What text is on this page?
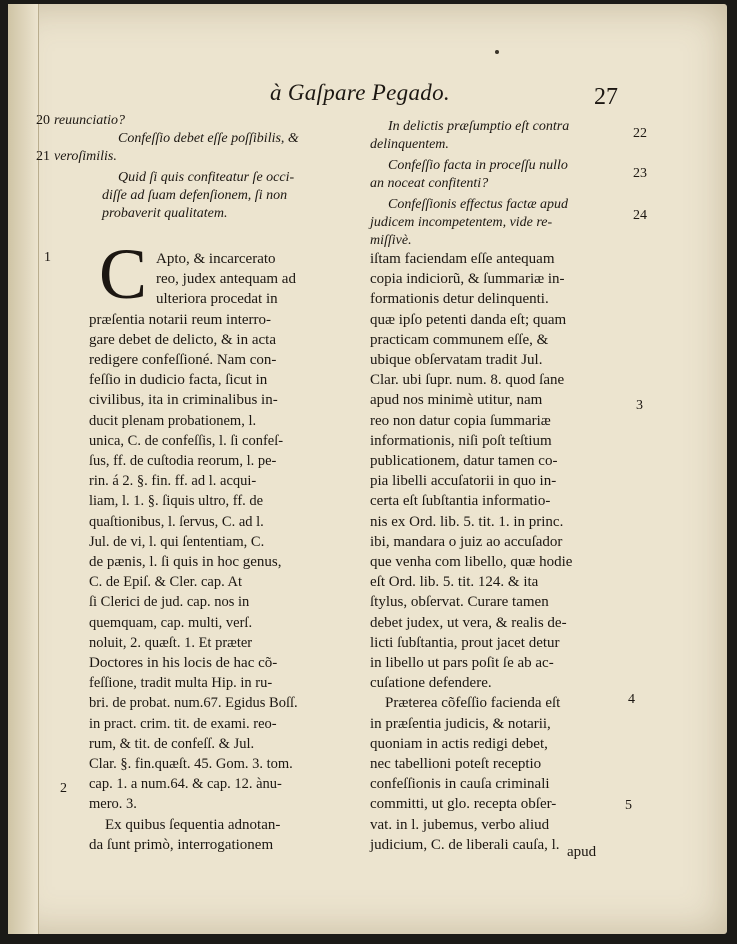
à Gaſpare Pegado.	27
20 reuunciatio?
Confeſſio debet eſſe poſſibilis, &
21 veroſimilis.
Quid ſi quis confiteatur ſe occi-
diſſe ad ſuam defenſionem, ſi non
probaverit qualitatem.
In delictis præſumptio eſt contra
delinquentem.
Confeſſio facta in proceſſu nullo
an noceat confitenti?
Confeſſionis effectus factæ apud
judicem incompetentem, vide re-
miſſivè.
22
23
24
1
2
3
4
5
C Apto, & incarcerato
reo, judex antequam ad
ulteriora procedat in
præſentia notarii reum interro-
gare debet de delicto, & in acta
redigere confeſſioné. Nam con-
feſſio in dudicio facta, ſicut in
civilibus, ita in criminalibus in-
ducit plenam probationem, l.
unica, C. de confeſſis, l. ſi confeſ-
ſus, ff. de cuſtodia reorum, l. pe-
rin. á 2. §. fin. ff. ad l. acqui-
liam, l. 1. §. ſiquis ultro, ff. de
quaſtionibus, l. ſervus, C. ad l.
Jul. de vi, l. qui ſententiam, C.
de pænis, l. ſi quis in hoc genus,
C. de Epiſ. & Cler. cap. At
ſi Clerici de jud. cap. nos in
quemquam, cap. multi, verſ.
noluit, 2. quæſt. 1. Et præter
Doctores in his locis de hac cõ-
feſſione, tradit multa Hip. in ru-
bri. de probat. num.67. Egidus Boſſ.
in pract. crim. tit. de exami. reo-
rum, & tit. de confeſſ. & Jul.
Clar. §. fin.quæſt. 45. Gom. 3. tom.
cap. 1. a num.64. & cap. 12. ànu-
mero. 3.
Ex quibus ſequentia adnotan-
da ſunt primò, interrogationem
iſtam faciendam eſſe antequam
copia indiciorũ, & ſummariæ in-
formationis detur delinquenti.
quæ ipſo petenti danda eſt; quam
practicam communem eſſe, &
ubique obſervatam tradit Jul.
Clar. ubi ſupr. num. 8. quod ſane
apud nos minimè utitur, nam
reo non datur copia ſummariæ
informationis, niſi poſt teſtium
publicationem, datur tamen co-
pia libelli accuſatorii in quo in-
certa eſt ſubſtantia informatio-
nis ex Ord. lib. 5. tit. 1. in princ.
ibi, mandara o juiz ao accuſador
que venha com libello, quæ hodie
eſt Ord. lib. 5. tit. 124. & ita
ſtylus, obſervat. Curare tamen
debet judex, ut vera, & realis de-
licti ſubſtantia, prout jacet detur
in libello ut pars poſit ſe ab ac-
cuſatione defendere.
Præterea cõfeſſio facienda eſt
in præſentia judicis, & notarii,
quoniam in actis redigi debet,
nec tabellioni poteſt receptio
confeſſionis in cauſa criminali
committi, ut glo. recepta obſer-
vat. in l. jubemus, verbo aliud
judicium, C. de liberali cauſa, l. apud
